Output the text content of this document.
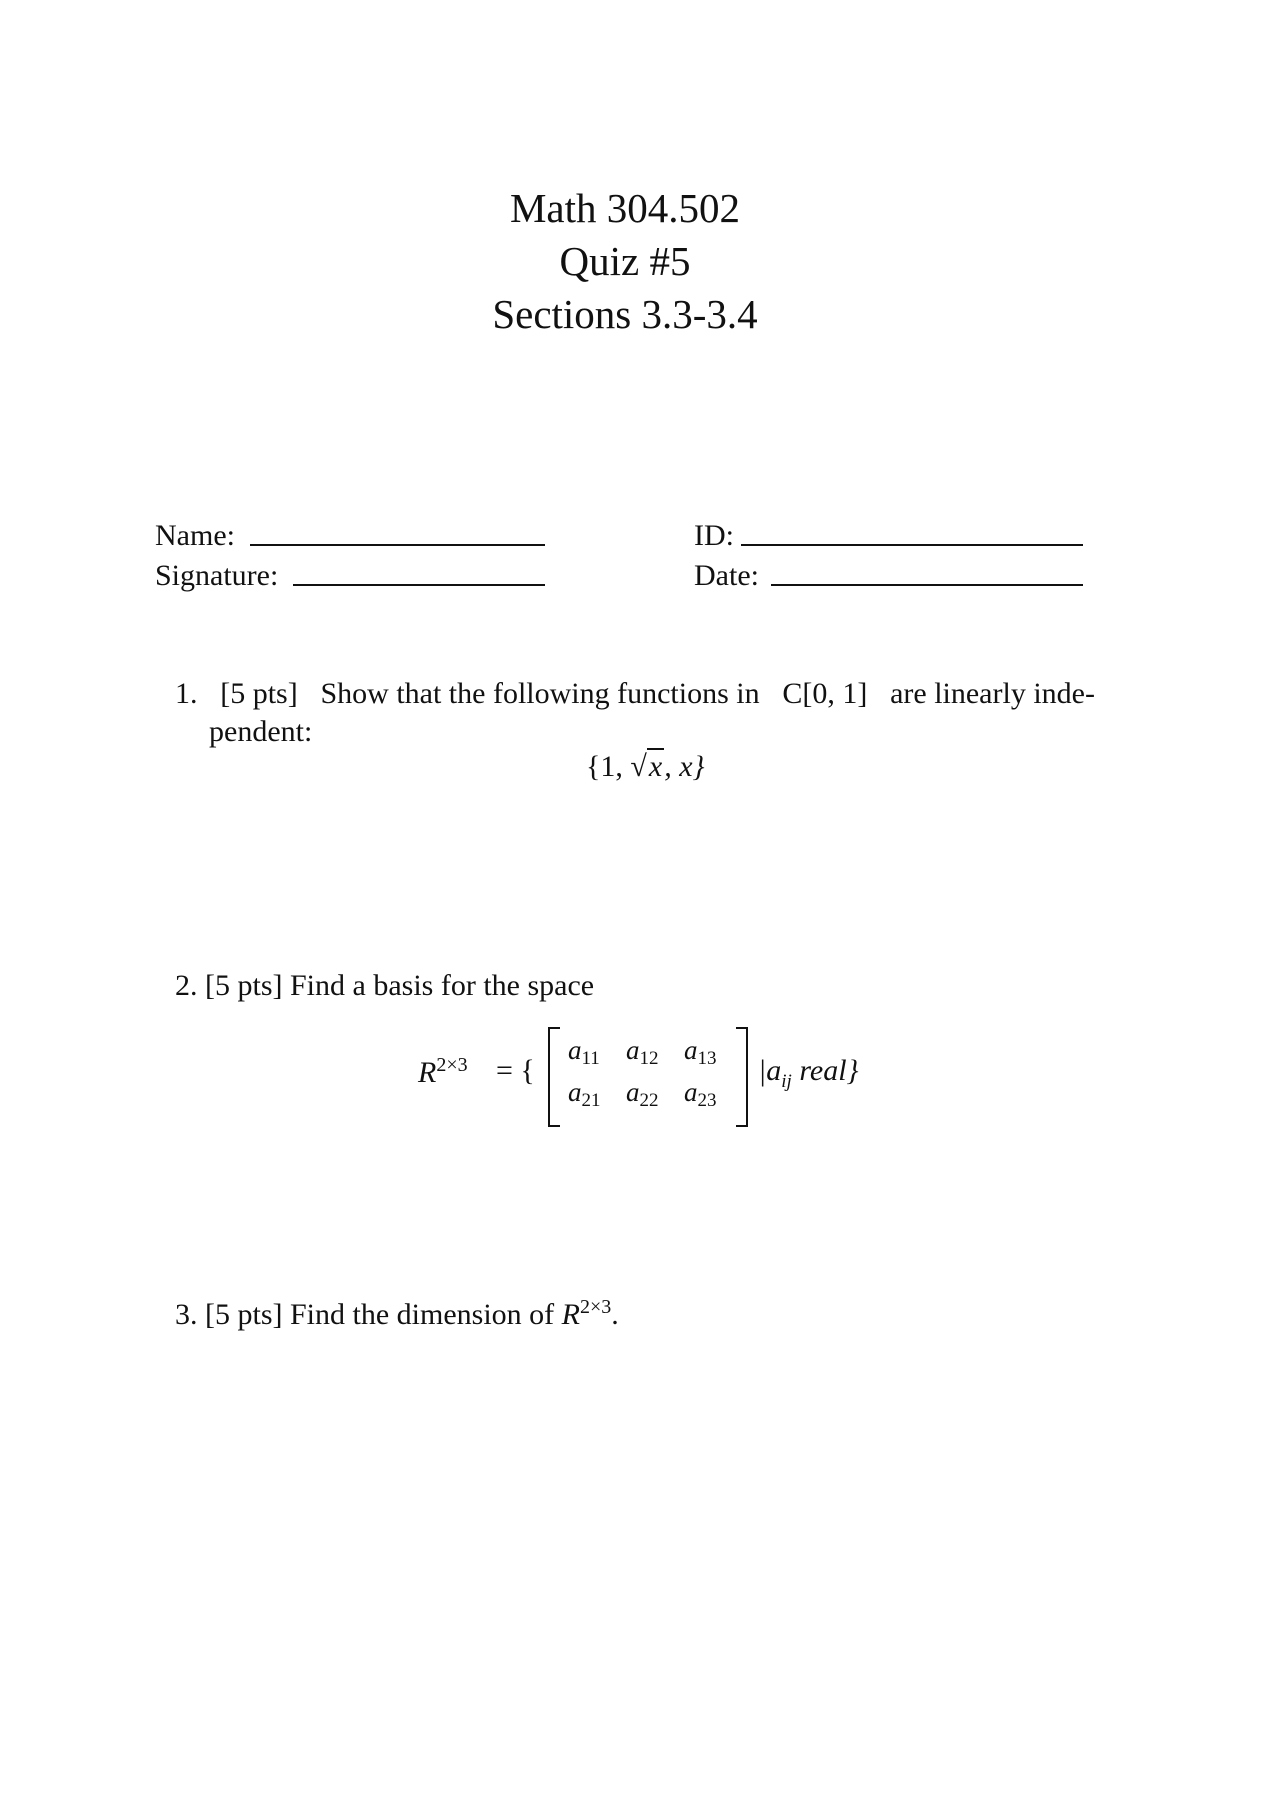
Math 304.502
Quiz #5
Sections 3.3-3.4
Name:	ID:
Signature:	Date:
1. [5 pts] Show that the following functions in C[0, 1] are linearly inde-
pendent:
{1, √x, x}
2. [5 pts] Find a basis for the space
$R^{2\times 3}$ = {
$a_{11}$ $a_{12}$ $a_{13}$
$a_{21}$ $a_{22}$ $a_{23}$
$|a_{ij}$ real}
3. [5 pts] Find the dimension of $R^{2\times 3}$.
